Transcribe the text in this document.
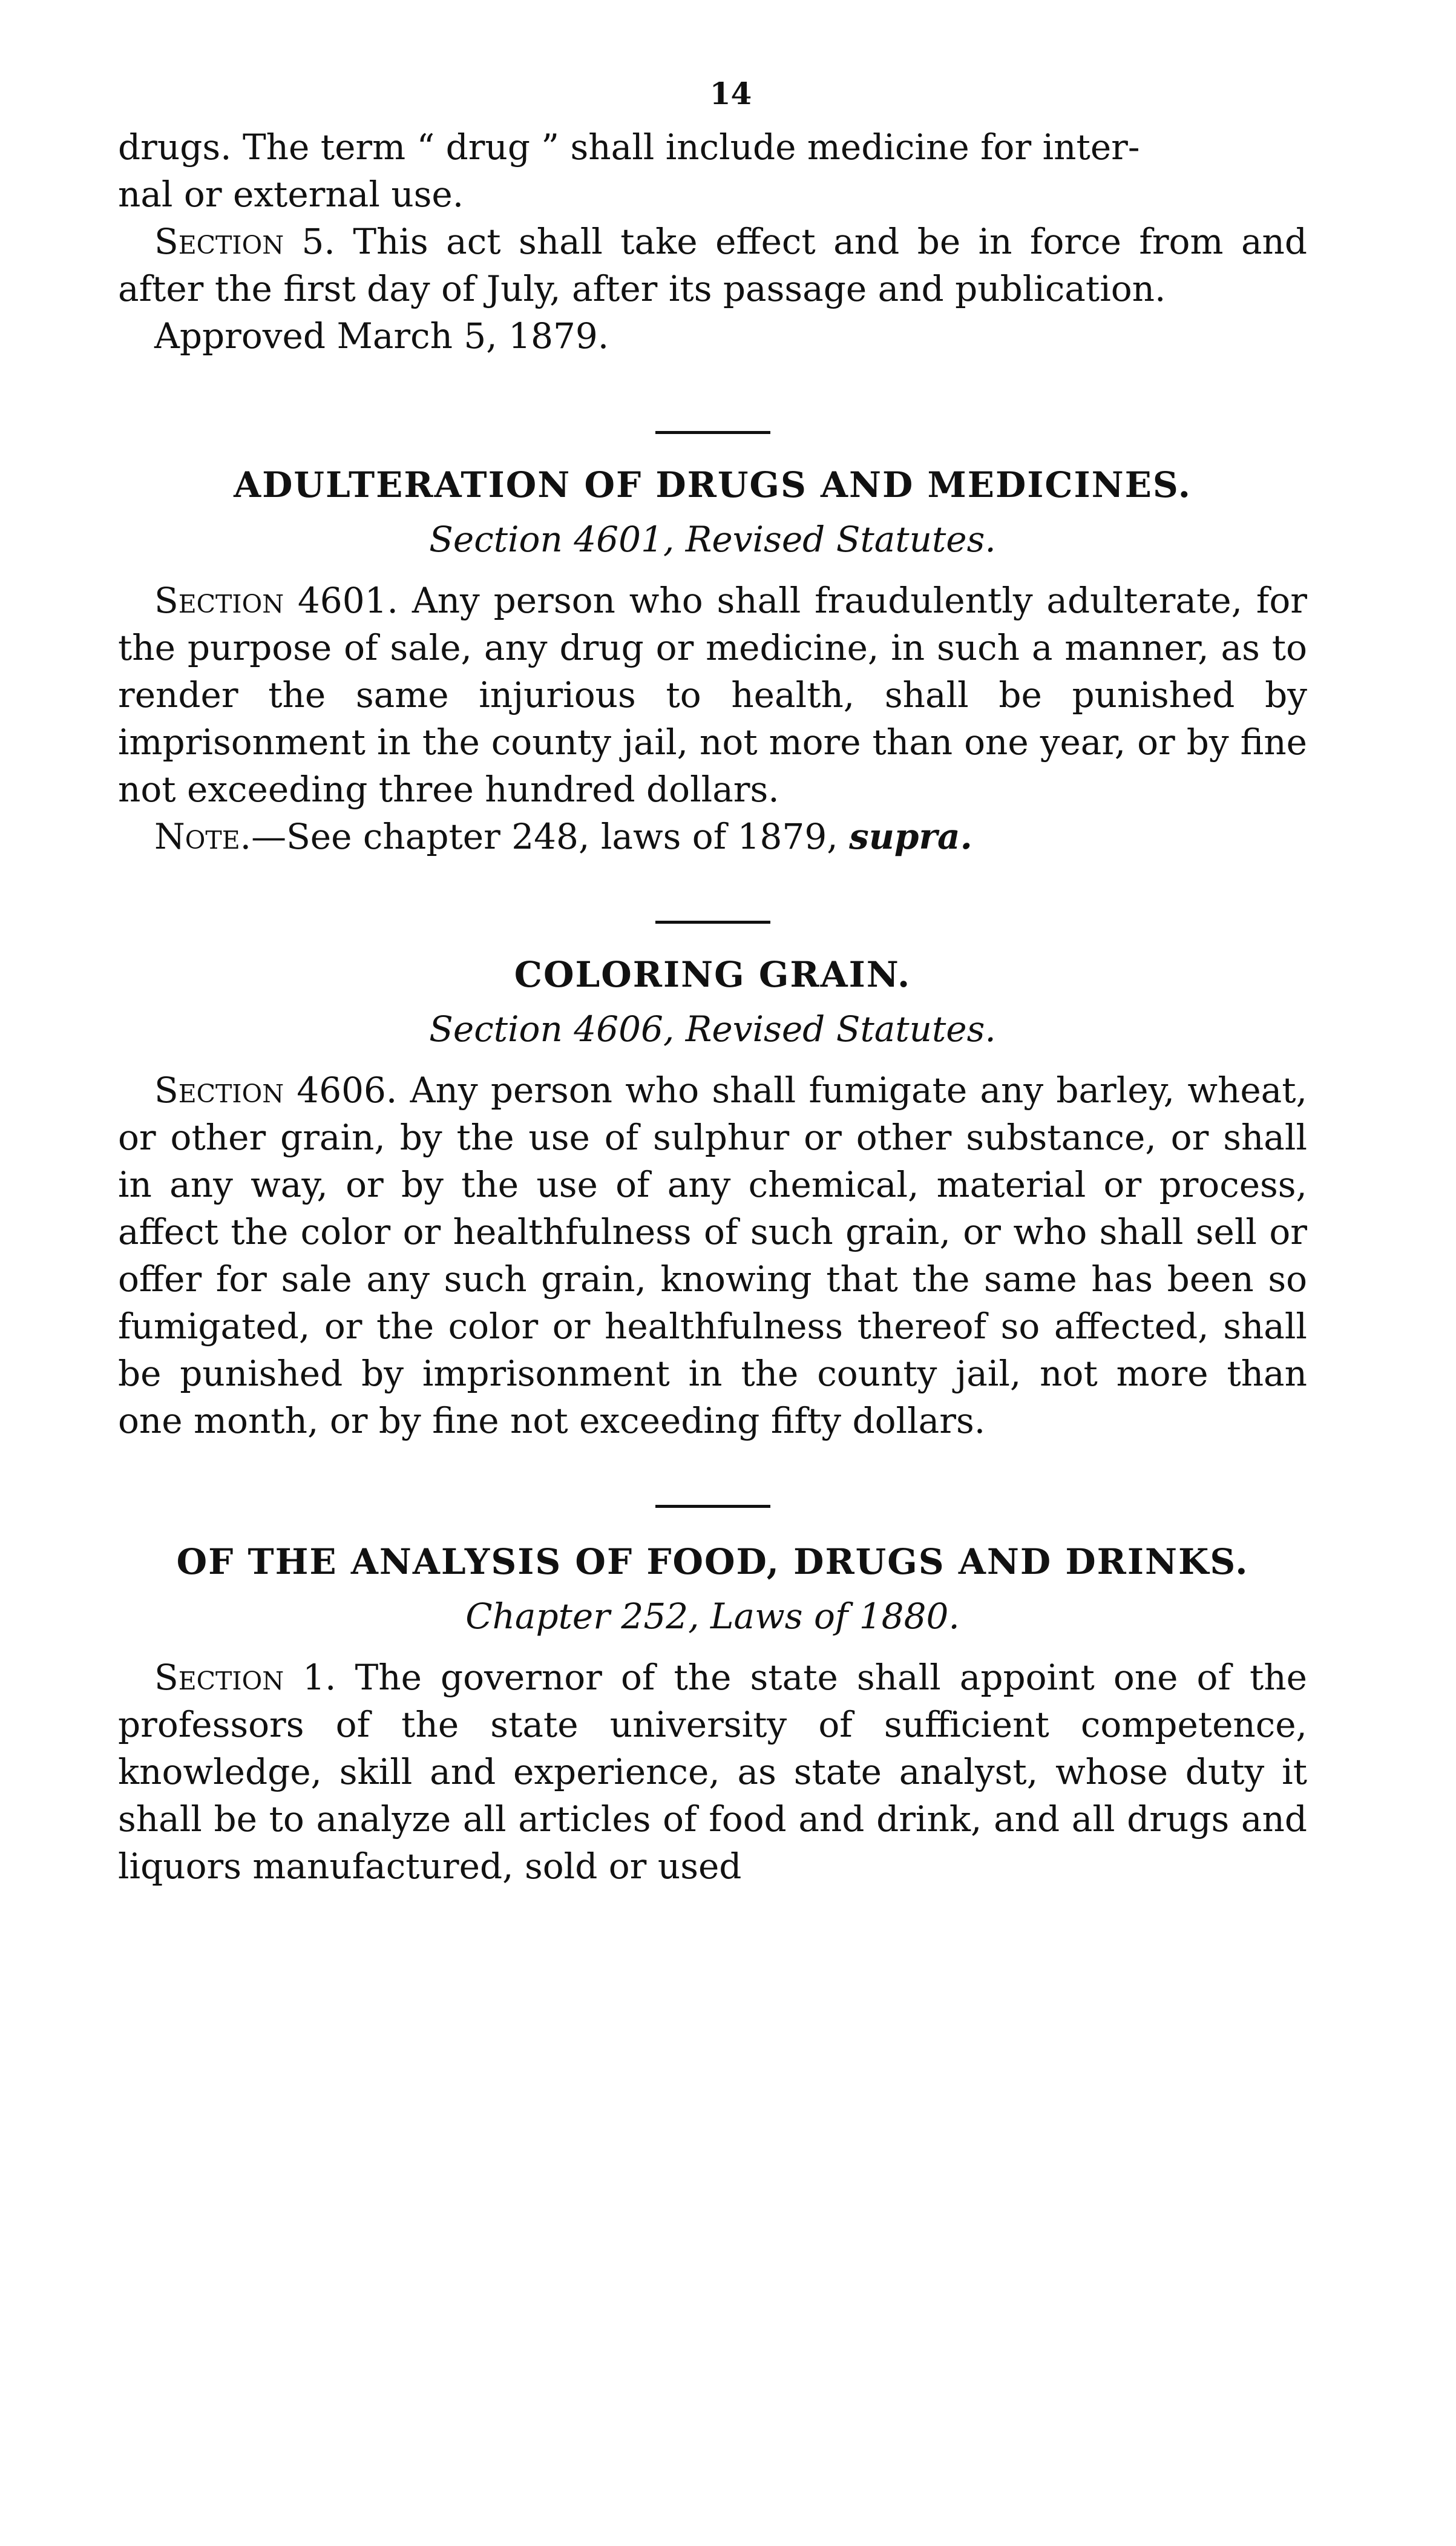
14

drugs. The term “ drug ” shall include medicine for inter-
nal or external use.

Section 5. This act shall take effect and be in force from and after the first day of July, after its passage and publication.

Approved March 5, 1879.

ADULTERATION OF DRUGS AND MEDICINES.
Section 4601, Revised Statutes.

Section 4601. Any person who shall fraudulently adulterate, for the purpose of sale, any drug or medicine, in such a manner, as to render the same injurious to health, shall be punished by imprisonment in the county jail, not more than one year, or by fine not exceeding three hundred dollars.

Note.—See chapter 248, laws of 1879, supra.

COLORING GRAIN.
Section 4606, Revised Statutes.

Section 4606. Any person who shall fumigate any barley, wheat, or other grain, by the use of sulphur or other substance, or shall in any way, or by the use of any chemical, material or process, affect the color or healthfulness of such grain, or who shall sell or offer for sale any such grain, knowing that the same has been so fumigated, or the color or healthfulness thereof so affected, shall be punished by imprisonment in the county jail, not more than one month, or by fine not exceeding fifty dollars.

OF THE ANALYSIS OF FOOD, DRUGS AND DRINKS.
Chapter 252, Laws of 1880.

Section 1. The governor of the state shall appoint one of the professors of the state university of sufficient competence, knowledge, skill and experience, as state analyst, whose duty it shall be to analyze all articles of food and drink, and all drugs and liquors manufactured, sold or used
